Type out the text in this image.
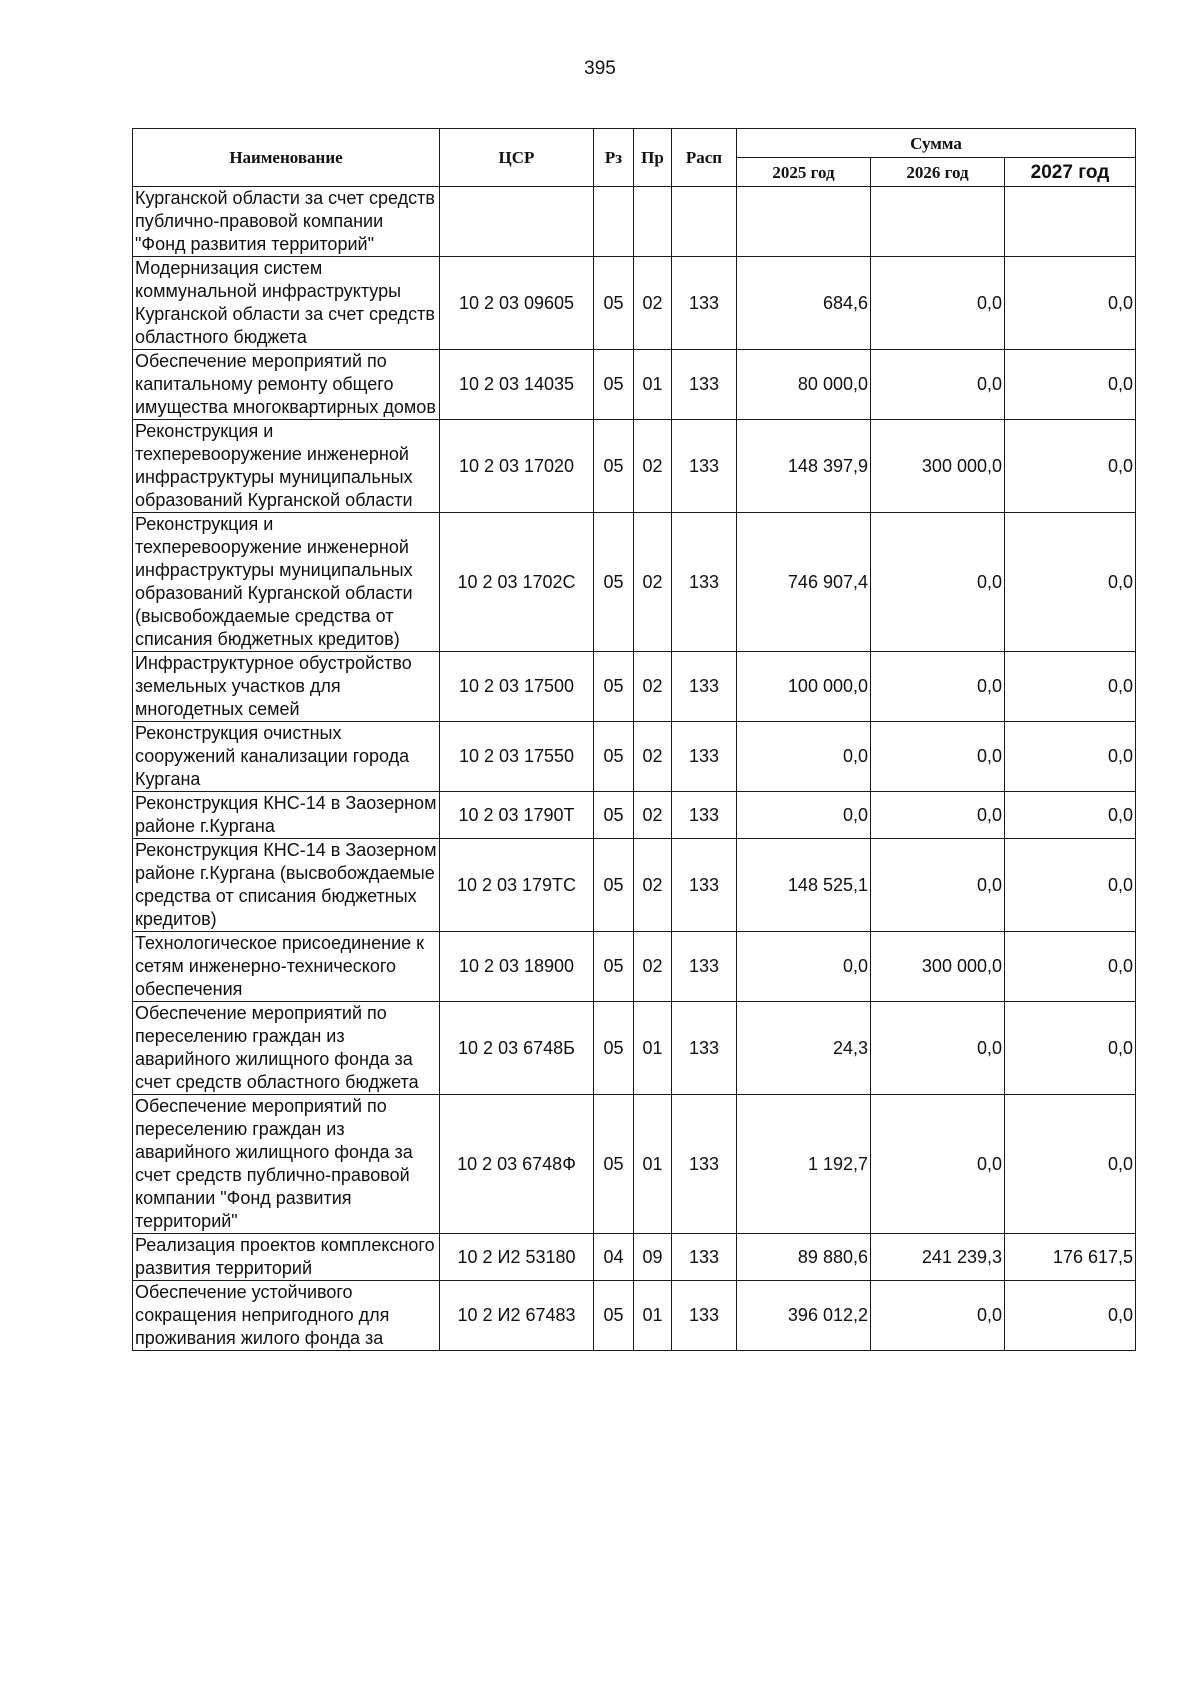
395
Наименование	ЦСР	Рз	Пр	Расп	Сумма		
					2025 год	2026 год	2027 год
Курганской области за счет средств публично-правовой компании "Фонд развития территорий"							
Модернизация систем коммунальной инфраструктуры Курганской области за счет средств областного бюджета	10 2 03 09605	05	02	133	684,6	0,0	0,0
Обеспечение мероприятий по капитальному ремонту общего имущества многоквартирных домов	10 2 03 14035	05	01	133	80 000,0	0,0	0,0
Реконструкция и техперевооружение инженерной инфраструктуры муниципальных образований Курганской области	10 2 03 17020	05	02	133	148 397,9	300 000,0	0,0
Реконструкция и техперевооружение инженерной инфраструктуры муниципальных образований Курганской области (высвобождаемые средства от списания бюджетных кредитов)	10 2 03 1702С	05	02	133	746 907,4	0,0	0,0
Инфраструктурное обустройство земельных участков для многодетных семей	10 2 03 17500	05	02	133	100 000,0	0,0	0,0
Реконструкция очистных сооружений канализации города Кургана	10 2 03 17550	05	02	133	0,0	0,0	0,0
Реконструкция КНС-14 в Заозерном районе г.Кургана	10 2 03 1790Т	05	02	133	0,0	0,0	0,0
Реконструкция КНС-14 в Заозерном районе г.Кургана (высвобождаемые средства от списания бюджетных кредитов)	10 2 03 179ТС	05	02	133	148 525,1	0,0	0,0
Технологическое присоединение к сетям инженерно-технического обеспечения	10 2 03 18900	05	02	133	0,0	300 000,0	0,0
Обеспечение мероприятий по переселению граждан из аварийного жилищного фонда за счет средств областного бюджета	10 2 03 6748Б	05	01	133	24,3	0,0	0,0
Обеспечение мероприятий по переселению граждан из аварийного жилищного фонда за счет средств публично-правовой компании "Фонд развития территорий"	10 2 03 6748Ф	05	01	133	1 192,7	0,0	0,0
Реализация проектов комплексного развития территорий	10 2 И2 53180	04	09	133	89 880,6	241 239,3	176 617,5
Обеспечение устойчивого сокращения непригодного для проживания жилого фонда за	10 2 И2 67483	05	01	133	396 012,2	0,0	0,0
